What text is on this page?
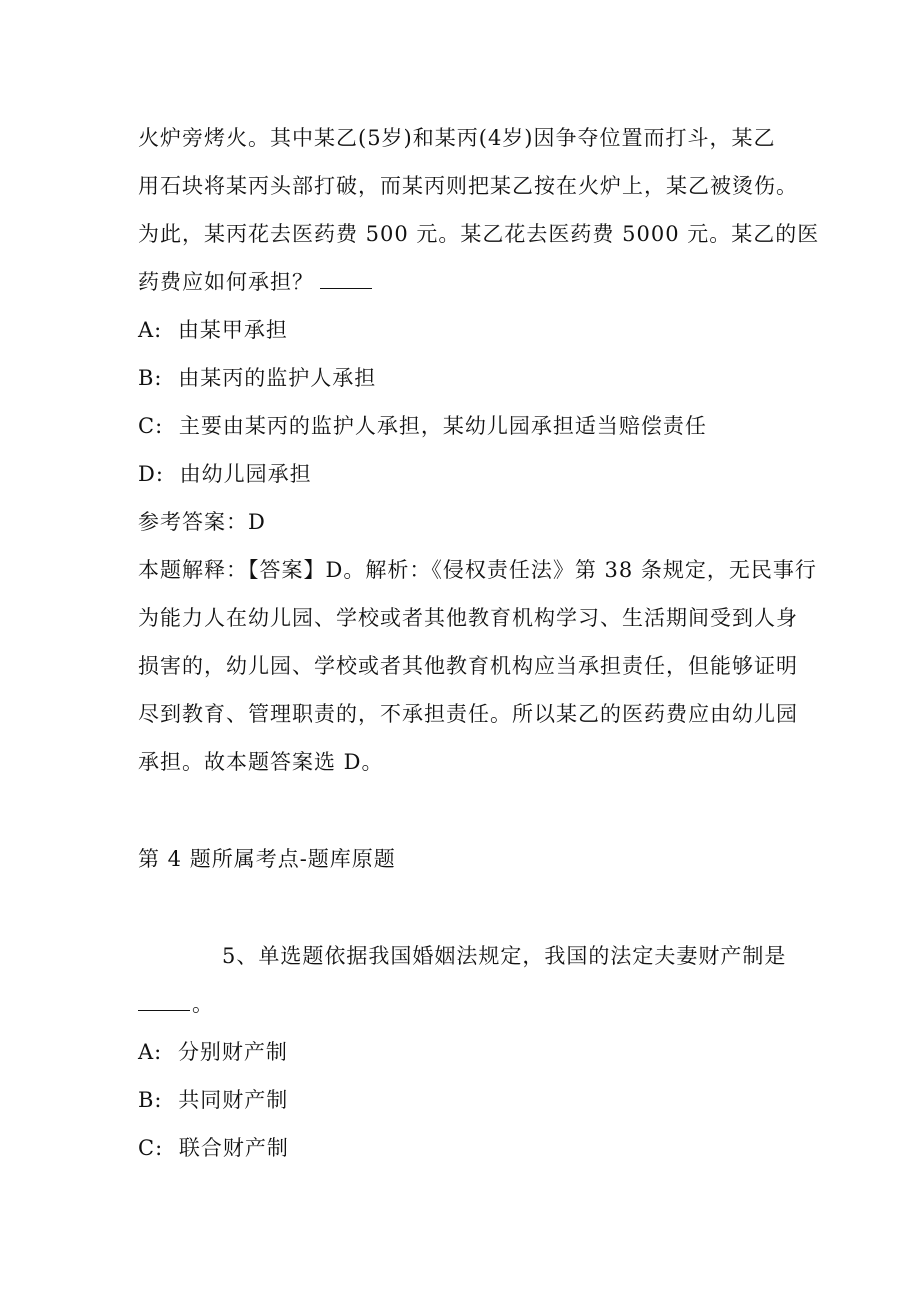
火炉旁烤火。其中某乙(5岁)和某丙(4岁)因争夺位置而打斗，某乙
用石块将某丙头部打破，而某丙则把某乙按在火炉上，某乙被烫伤。
为此，某丙花去医药费 500 元。某乙花去医药费 5000 元。某乙的医
药费应如何承担？
A: 由某甲承担
B: 由某丙的监护人承担
C: 主要由某丙的监护人承担，某幼儿园承担适当赔偿责任
D: 由幼儿园承担
参考答案：D
本题解释：【答案】D。解析：《侵权责任法》第 38 条规定，无民事行
为能力人在幼儿园、学校或者其他教育机构学习、生活期间受到人身
损害的，幼儿园、学校或者其他教育机构应当承担责任，但能够证明
尽到教育、管理职责的，不承担责任。所以某乙的医药费应由幼儿园
承担。故本题答案选 D。
第 4 题所属考点-题库原题
5、单选题依据我国婚姻法规定，我国的法定夫妻财产制是
。
A: 分别财产制
B: 共同财产制
C: 联合财产制
